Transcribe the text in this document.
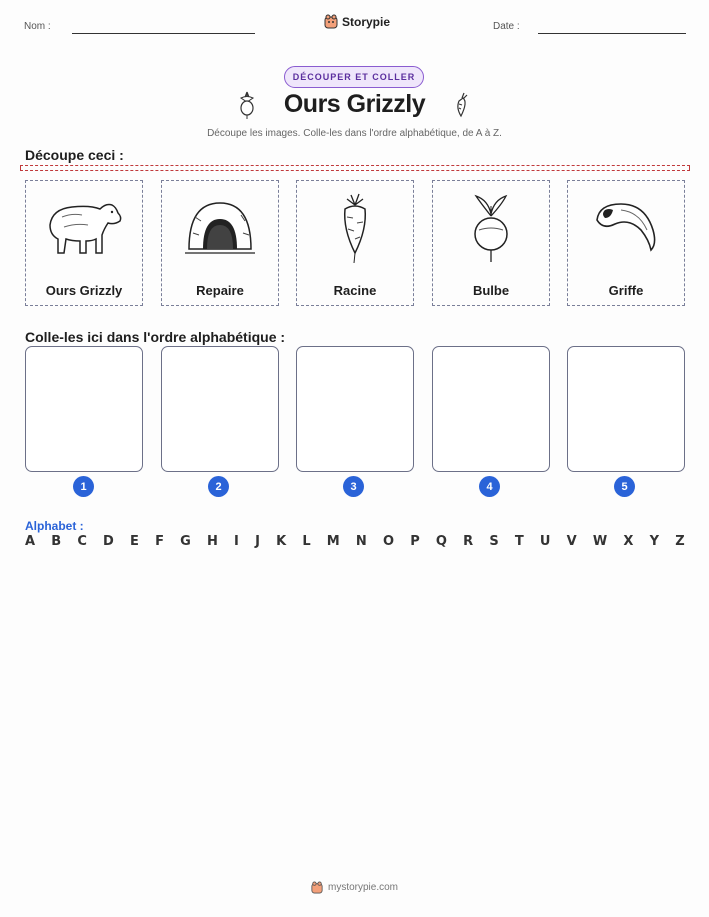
Nom :	Storypie	Date :
DÉCOUPER ET COLLER
Ours Grizzly
Découpe les images. Colle-les dans l'ordre alphabétique, de A à Z.
Découpe ceci :
Ours Grizzly	Repaire	Racine	Bulbe	Griffe
Colle-les ici dans l'ordre alphabétique :
1	2	3	4	5
Alphabet :
A B C D E F G H I J K L M N O P Q R S T U V W X Y Z
mystorypie.com
